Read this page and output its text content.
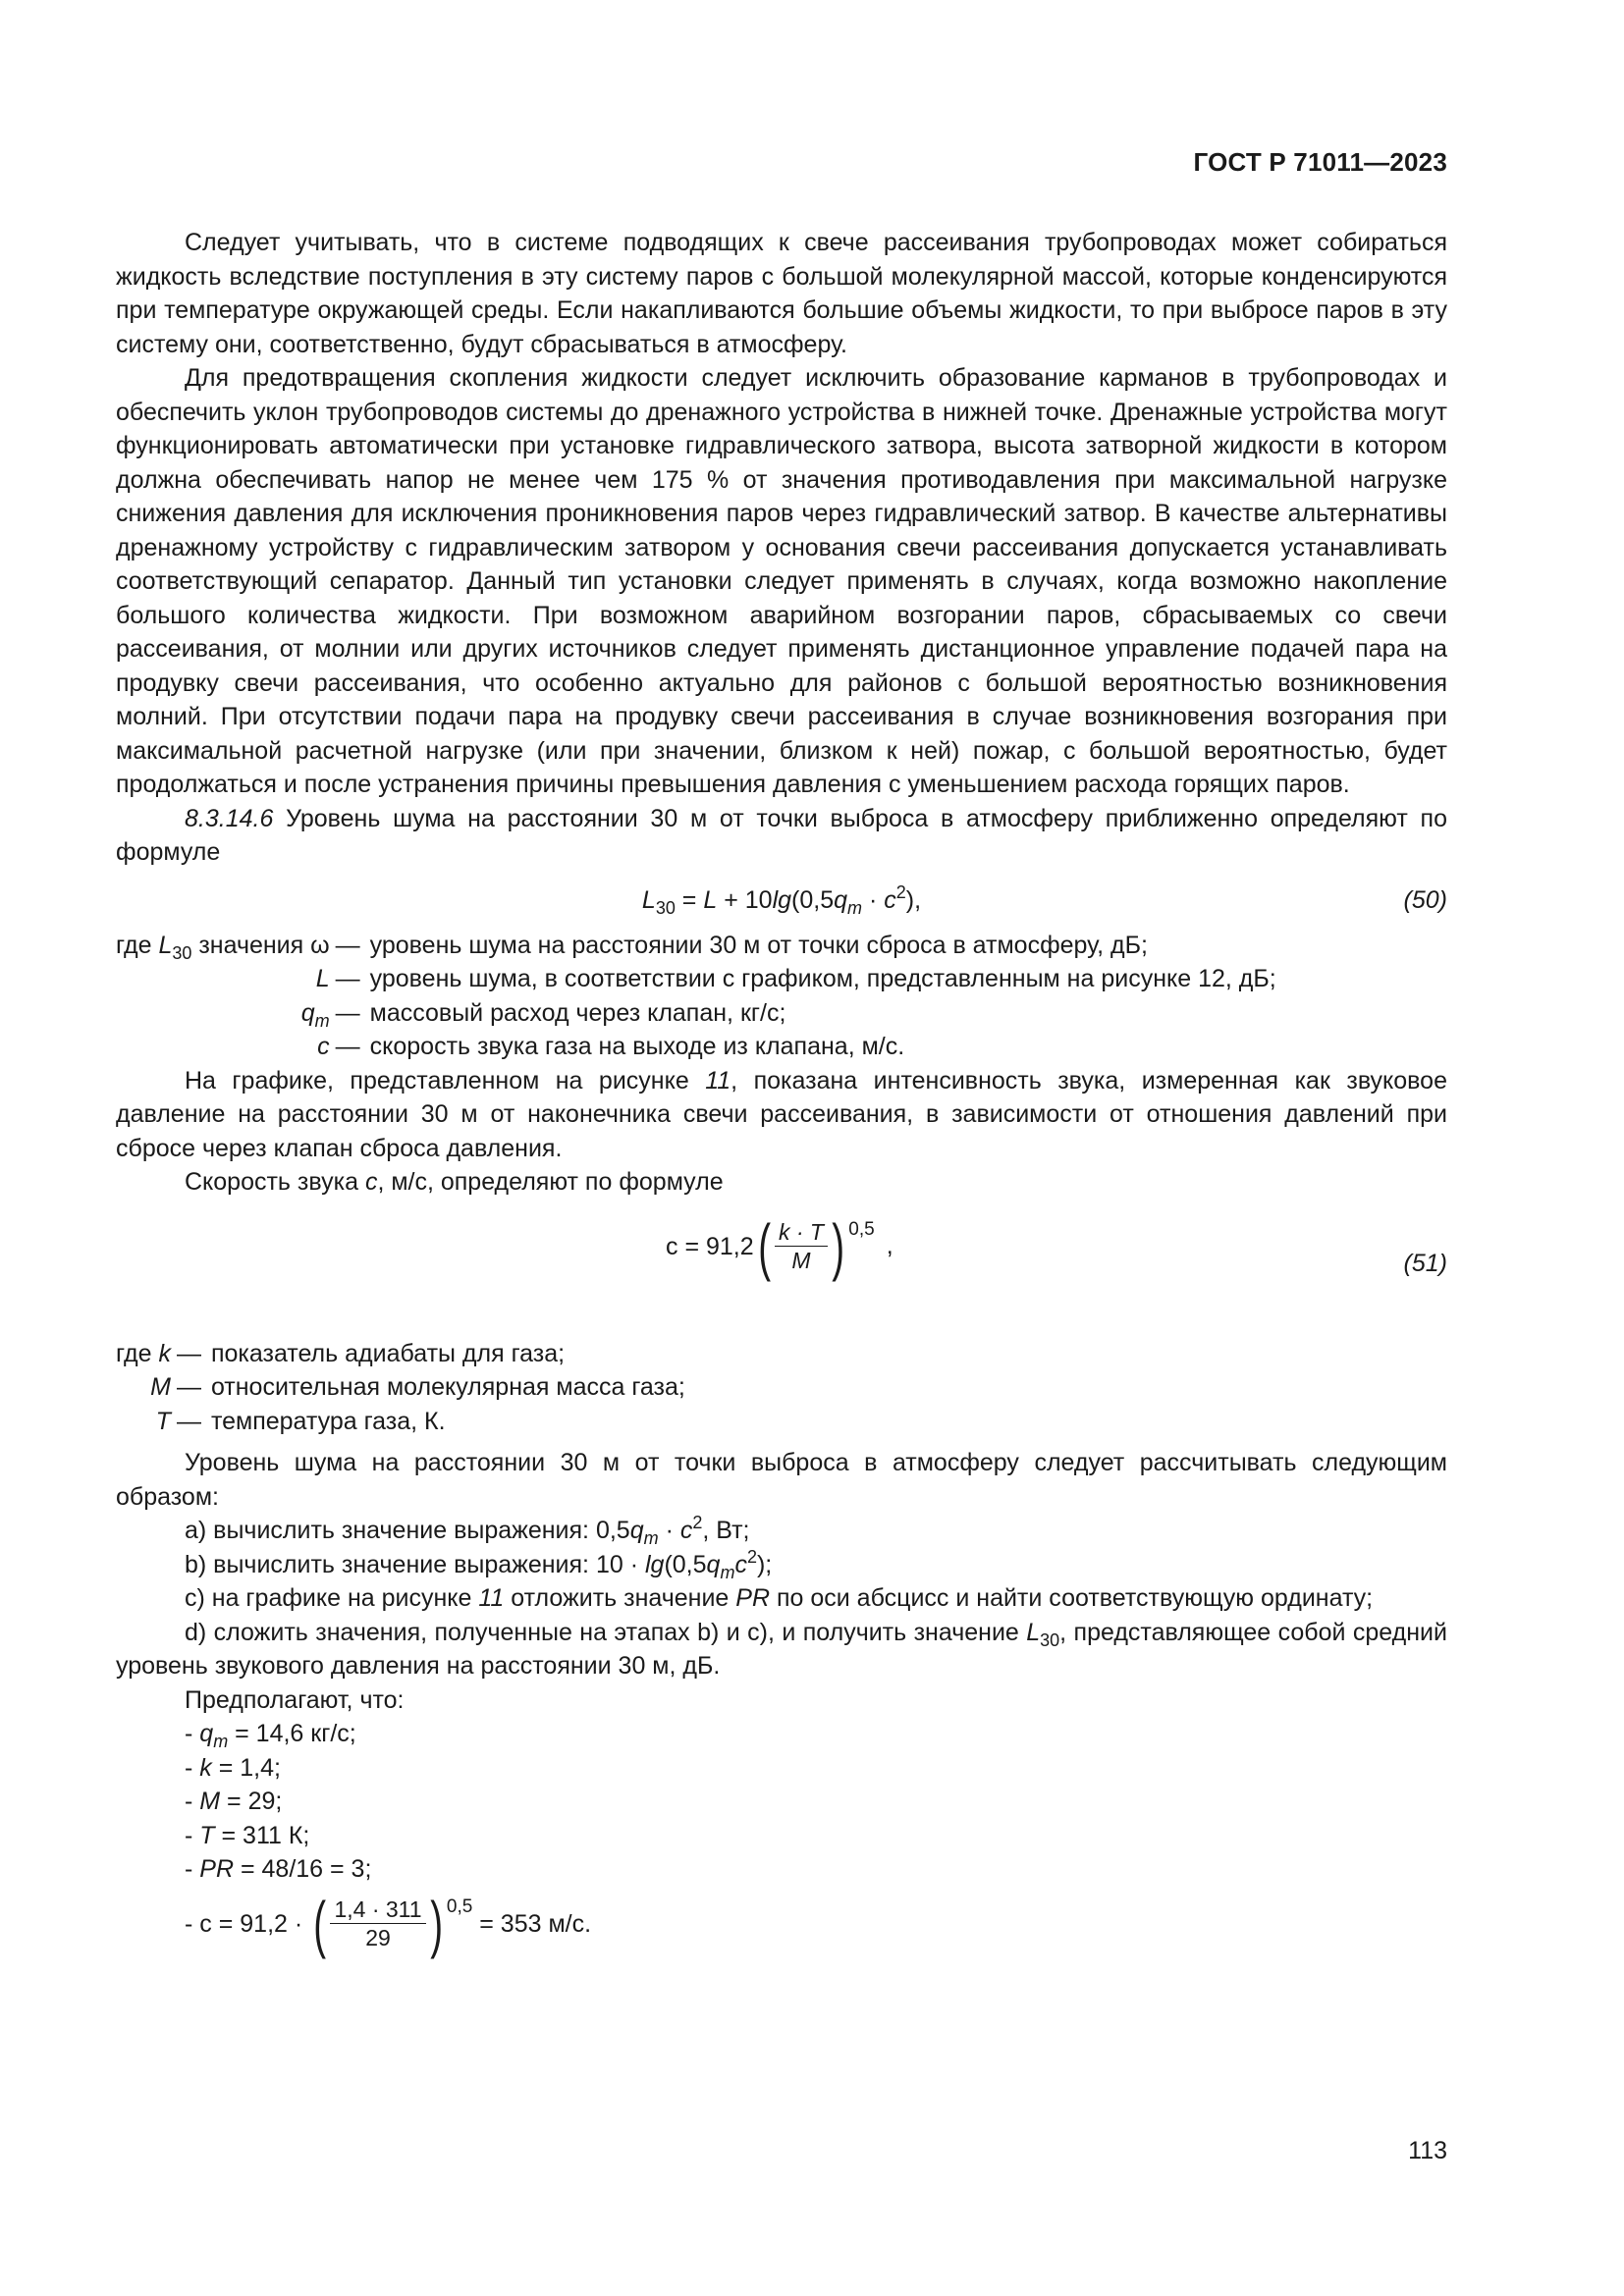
ГОСТ Р 71011—2023

Следует учитывать, что в системе подводящих к свече рассеивания трубопроводах может собираться жидкость вследствие поступления в эту систему паров с большой молекулярной массой, которые конденсируются при температуре окружающей среды. Если накапливаются большие объемы жидкости, то при выбросе паров в эту систему они, соответственно, будут сбрасываться в атмосферу.

Для предотвращения скопления жидкости следует исключить образование карманов в трубопроводах и обеспечить уклон трубопроводов системы до дренажного устройства в нижней точке. Дренажные устройства могут функционировать автоматически при установке гидравлического затвора, высота затворной жидкости в котором должна обеспечивать напор не менее чем 175 % от значения противодавления при максимальной нагрузке снижения давления для исключения проникновения паров через гидравлический затвор. В качестве альтернативы дренажному устройству с гидравлическим затвором у основания свечи рассеивания допускается устанавливать соответствующий сепаратор. Данный тип установки следует применять в случаях, когда возможно накопление большого количества жидкости. При возможном аварийном возгорании паров, сбрасываемых со свечи рассеивания, от молнии или других источников следует применять дистанционное управление подачей пара на продувку свечи рассеивания, что особенно актуально для районов с большой вероятностью возникновения молний. При отсутствии подачи пара на продувку свечи рассеивания в случае возникновения возгорания при максимальной расчетной нагрузке (или при значении, близком к ней) пожар, с большой вероятностью, будет продолжаться и после устранения причины превышения давления с уменьшением расхода горящих паров.

8.3.14.6 Уровень шума на расстоянии 30 м от точки выброса в атмосферу приближенно определяют по формуле

$L_{30} = L + 10\lg(0,5q_m \cdot c^2)$,	(50)
где $L_{30}$ значения ω	—	уровень шума на расстоянии 30 м от точки сброса в атмосферу, дБ;
L	—	уровень шума, в соответствии с графиком, представленным на рисунке 12, дБ;
$q_m$	—	массовый расход через клапан, кг/с;
c	—	скорость звука газа на выходе из клапана, м/с.

На графике, представленном на рисунке 11, показана интенсивность звука, измеренная как звуковое давление на расстоянии 30 м от наконечника свечи рассеивания, в зависимости от отношения давлений при сбросе через клапан сброса давления.

Скорость звука c, м/с, определяют по формуле

$c = 91,2( \frac{k \cdot T}{M}$ ) 0,5,
(51)
где k	—	показатель адиабаты для газа;
M	—	относительная молекулярная масса газа;
T	—	температура газа, К.

Уровень шума на расстоянии 30 м от точки выброса в атмосферу следует рассчитывать следующим образом:

а) вычислить значение выражения: $0,5q_m \cdot c^2$, Вт;

b) вычислить значение выражения: $10 \cdot \lg(0,5q_mc^2)$;

c) на графике на рисунке 11 отложить значение PR по оси абсцисс и найти соответствующую ординату;

d) сложить значения, полученные на этапах b) и c), и получить значение $L_{30}$, представляющее собой средний уровень звукового давления на расстоянии 30 м, дБ.

Предполагают, что:

- $q_m = 14,6$ кг/с;
- k = 1,4;
- M = 29;
- T = 311 К;
- PR = 48/16 = 3;
- c = 91,2 · ( $\frac{1,4 \cdot 311}{29}$ ) 0,5 = 353 м/с.
113
